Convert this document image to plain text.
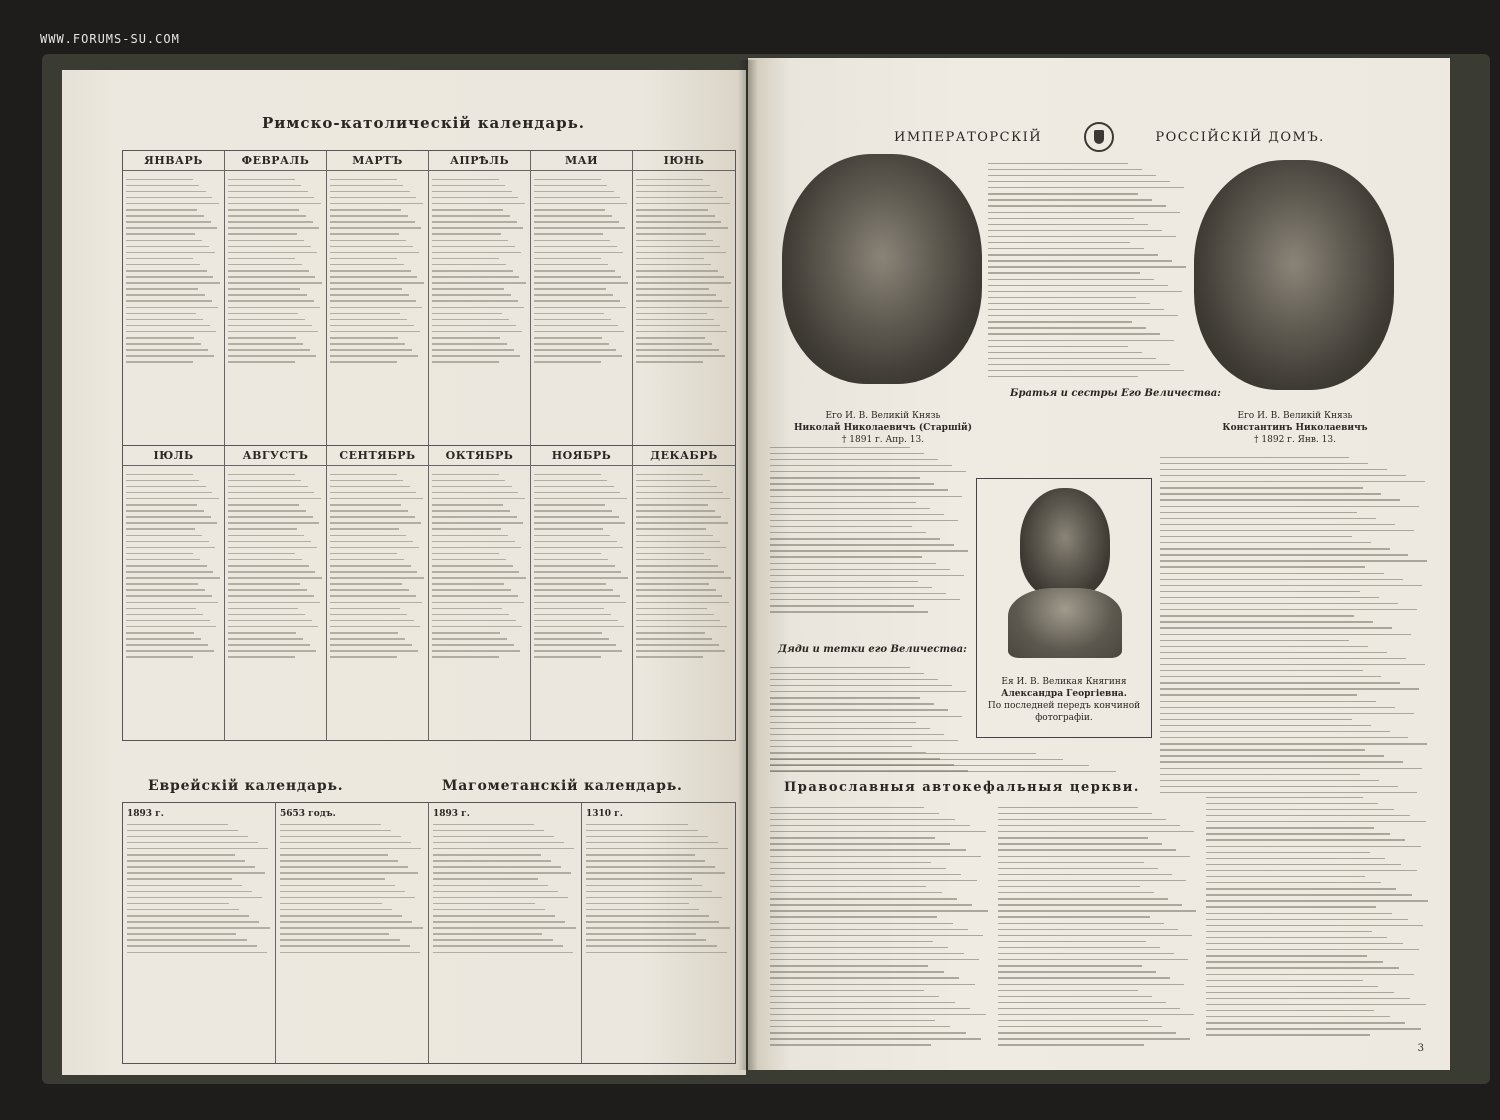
WWW.FORUMS-SU.COM
Римско-католическій календарь.
ЯНВАРЬ	ФЕВРАЛЬ	МАРТЪ	АПРѢЛЬ	МАИ	ІЮНЬ
ІЮЛЬ	АВГУСТЪ	СЕНТЯБРЬ	ОКТЯБРЬ	НОЯБРЬ	ДЕКАБРЬ
Еврейскій календарь.	Магометанскій календарь.
1893 г.	5653 годъ.	1893 г.	1310 г.
ИМПЕРАТОРСКІЙ	РОССІЙСКІЙ ДОМЪ.
Его И. В. Великій Князь
Николай Николаевичъ (Старшій)
† 1891 г. Апр. 13.
Братья и сестры Его Величества:
Его И. В. Великій Князь
Константинъ Николаевичъ
† 1892 г. Янв. 13.
Ея И. В. Великая Княгиня
Александра Георгіевна.
По последней передъ кончиной фотографіи.
Дяди и тетки его Величества:
Православныя автокефальныя церкви.
3
